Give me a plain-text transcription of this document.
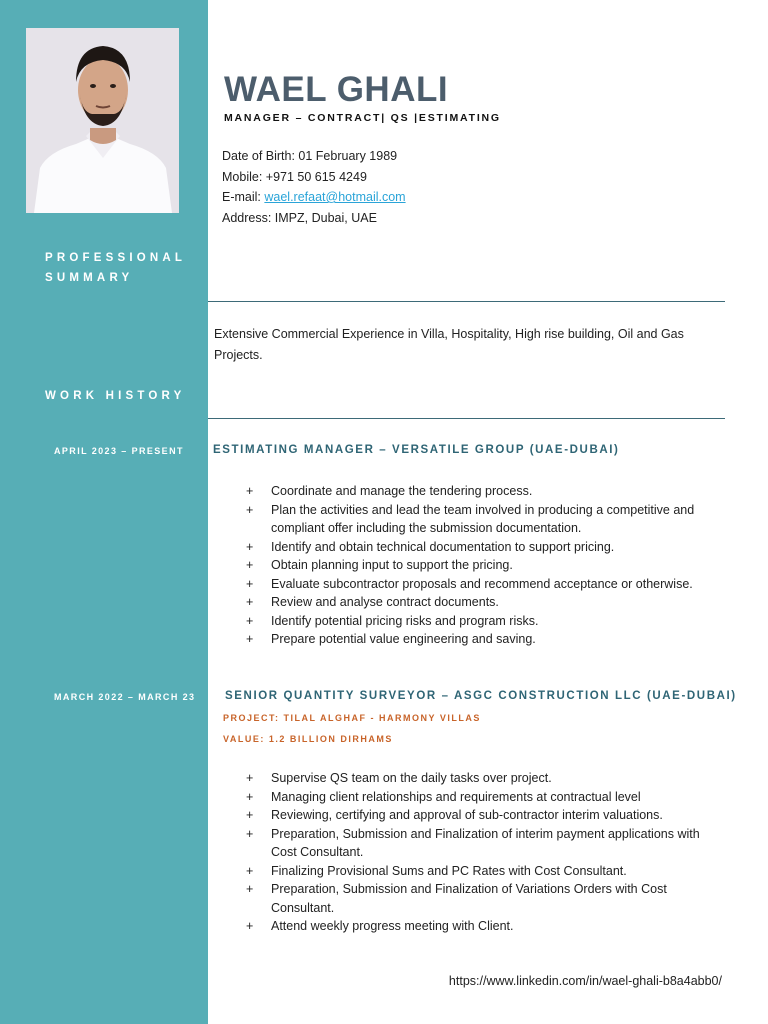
WAEL GHALI
MANAGER – CONTRACT| QS |ESTIMATING
Date of Birth: 01 February 1989
Mobile: +971 50 615 4249
E-mail: wael.refaat@hotmail.com
Address: IMPZ, Dubai, UAE
PROFESSIONAL
SUMMARY
Extensive Commercial Experience in Villa, Hospitality, High rise building, Oil and Gas Projects.
WORK HISTORY
APRIL 2023 – PRESENT	ESTIMATING MANAGER – VERSATILE GROUP (UAE-DUBAI)
+ Coordinate and manage the tendering process.
+ Plan the activities and lead the team involved in producing a competitive and compliant offer including the submission documentation.
+ Identify and obtain technical documentation to support pricing.
+ Obtain planning input to support the pricing.
+ Evaluate subcontractor proposals and recommend acceptance or otherwise.
+ Review and analyse contract documents.
+ Identify potential pricing risks and program risks.
+ Prepare potential value engineering and saving.
MARCH 2022 – MARCH 23	SENIOR QUANTITY SURVEYOR – ASGC CONSTRUCTION LLC (UAE-DUBAI)
PROJECT: TILAL ALGHAF - HARMONY VILLAS
VALUE: 1.2 BILLION DIRHAMS
+ Supervise QS team on the daily tasks over project.
+ Managing client relationships and requirements at contractual level
+ Reviewing, certifying and approval of sub-contractor interim valuations.
+ Preparation, Submission and Finalization of interim payment applications with Cost Consultant.
+ Finalizing Provisional Sums and PC Rates with Cost Consultant.
+ Preparation, Submission and Finalization of Variations Orders with Cost Consultant.
+ Attend weekly progress meeting with Client.
https://www.linkedin.com/in/wael-ghali-b8a4abb0/
